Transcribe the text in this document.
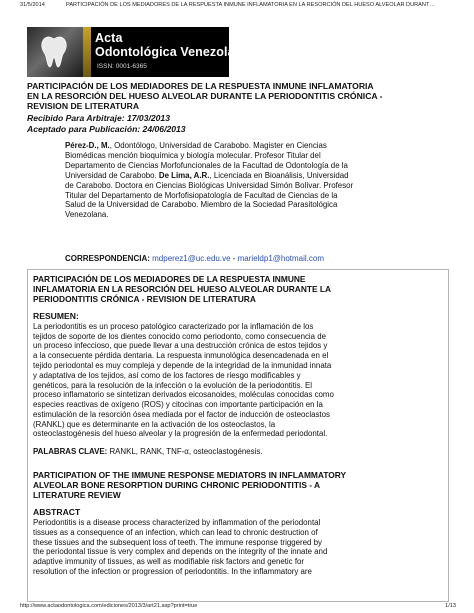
31/5/2014	PARTICIPACIÓN DE LOS MEDIADORES DE LA RESPUESTA INMUNE INFLAMATORIA EN LA RESORCIÓN DEL HUESO ALVEOLAR DURANT…
Acta
Odontológica Venezolana
ISSN: 0001-6365
PARTICIPACIÓN DE LOS MEDIADORES DE LA RESPUESTA INMUNE INFLAMATORIA
EN LA RESORCIÓN DEL HUESO ALVEOLAR DURANTE LA PERIODONTITIS CRÓNICA -
REVISION DE LITERATURA
Recibido Para Arbitraje: 17/03/2013
Aceptado para Publicación: 24/06/2013
Pérez-D., M., Odontólogo, Universidad de Carabobo. Magister en Ciencias
Biomédicas mención bioquímica y biología molecular. Profesor Titular del
Departamento de Ciencias Morfofuncionales de la Facultad de Odontología de la
Universidad de Carabobo. De Lima, A.R., Licenciada en Bioanálisis, Universidad
de Carabobo. Doctora en Ciencias Biológicas Universidad Simón Bolívar. Profesor
Titular del Departamento de Morfofisiopatología de Facultad de Ciencias de la
Salud de la Universidad de Carabobo. Miembro de la Sociedad Parasitológica
Venezolana.
CORRESPONDENCIA: mdperez1@uc.edu.ve - marieldp1@hotmail.com
PARTICIPACIÓN DE LOS MEDIADORES DE LA RESPUESTA INMUNE
INFLAMATORIA EN LA RESORCIÓN DEL HUESO ALVEOLAR DURANTE LA
PERIODONTITIS CRÓNICA - REVISION DE LITERATURA
RESUMEN:
La periodontitis es un proceso patológico caracterizado por la inflamación de los
tejidos de soporte de los dientes conocido como periodonto, como consecuencia de
un proceso infeccioso, que puede llevar a una destrucción crónica de estos tejidos y
a la consecuente pérdida dentaria. La respuesta inmunológica desencadenada en el
tejido periodontal es muy compleja y depende de la integridad de la inmunidad innata
y adaptativa de los tejidos, así como de los factores de riesgo modificables y
genéticos, para la resolución de la infección o la evolución de la periodontitis. El
proceso inflamatorio se sintetizan derivados eicosanoides, moléculas conocidas como
especies reactivas de oxígeno (ROS) y citocinas con importante participación en la
estimulación de la resorción ósea mediada por el factor de inducción de osteoclastos
(RANKL) que es determinante en la activación de los osteoclastos, la
osteoclastogénesis del hueso alveolar y la progresión de la enfermedad periodontal.
PALABRAS CLAVE: RANKL, RANK, TNF-α, osteoclastogénesis.
PARTICIPATION OF THE IMMUNE RESPONSE MEDIATORS IN INFLAMMATORY
ALVEOLAR BONE RESORPTION DURING CHRONIC PERIODONTITIS - A
LITERATURE REVIEW
ABSTRACT
Periodontitis is a disease process characterized by inflammation of the periodontal
tissues as a consequence of an infection, which can lead to chronic destruction of
these tissues and the subsequent loss of teeth. The immune response triggered by
the periodontal tissue is very complex and depends on the integrity of the innate and
adaptive immunity of tissues, as well as modifiable risk factors and genetic for
resolution of the infection or progression of periodontitis. In the inflammatory are
http://www.actaodontologica.com/ediciones/2013/3/art21.asp?print=true	1/13
